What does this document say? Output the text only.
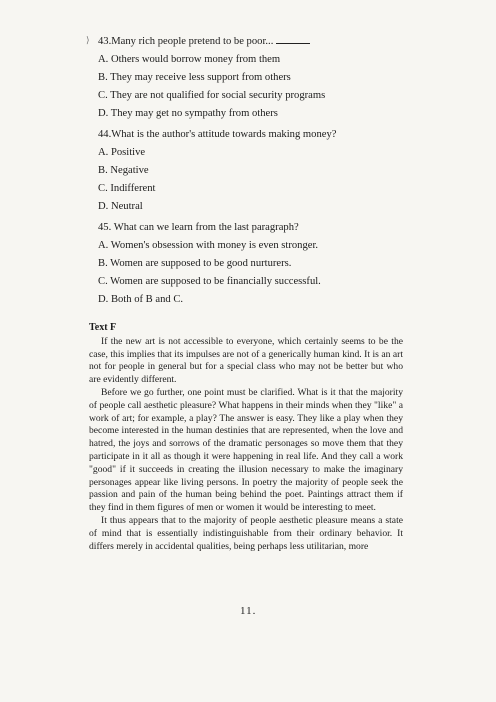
⟩ 43.Many rich people pretend to be poor...
A. Others would borrow money from them
B. They may receive less support from others
C. They are not qualified for social security programs
D. They may get no sympathy from others
44.What is the author's attitude towards making money?
A. Positive
B. Negative
C. Indifferent
D. Neutral
45. What can we learn from the last paragraph?
A. Women's obsession with money is even stronger.
B. Women are supposed to be good nurturers.
C. Women are supposed to be financially successful.
D. Both of B and C.
Text F

If the new art is not accessible to everyone, which certainly seems to be the case, this implies that its impulses are not of a generically human kind. It is an art not for people in general but for a special class who may not be better but who are evidently different.

Before we go further, one point must be clarified. What is it that the majority of people call aesthetic pleasure? What happens in their minds when they "like" a work of art; for example, a play? The answer is easy. They like a play when they become interested in the human destinies that are represented, when the love and hatred, the joys and sorrows of the dramatic personages so move them that they participate in it all as though it were happening in real life. And they call a work "good" if it succeeds in creating the illusion necessary to make the imaginary personages appear like living persons. In poetry the majority of people seek the passion and pain of the human being behind the poet. Paintings attract them if they find in them figures of men or women it would be interesting to meet.

It thus appears that to the majority of people aesthetic pleasure means a state of mind that is essentially indistinguishable from their ordinary behavior. It differs merely in accidental qualities, being perhaps less utilitarian, more

11.
